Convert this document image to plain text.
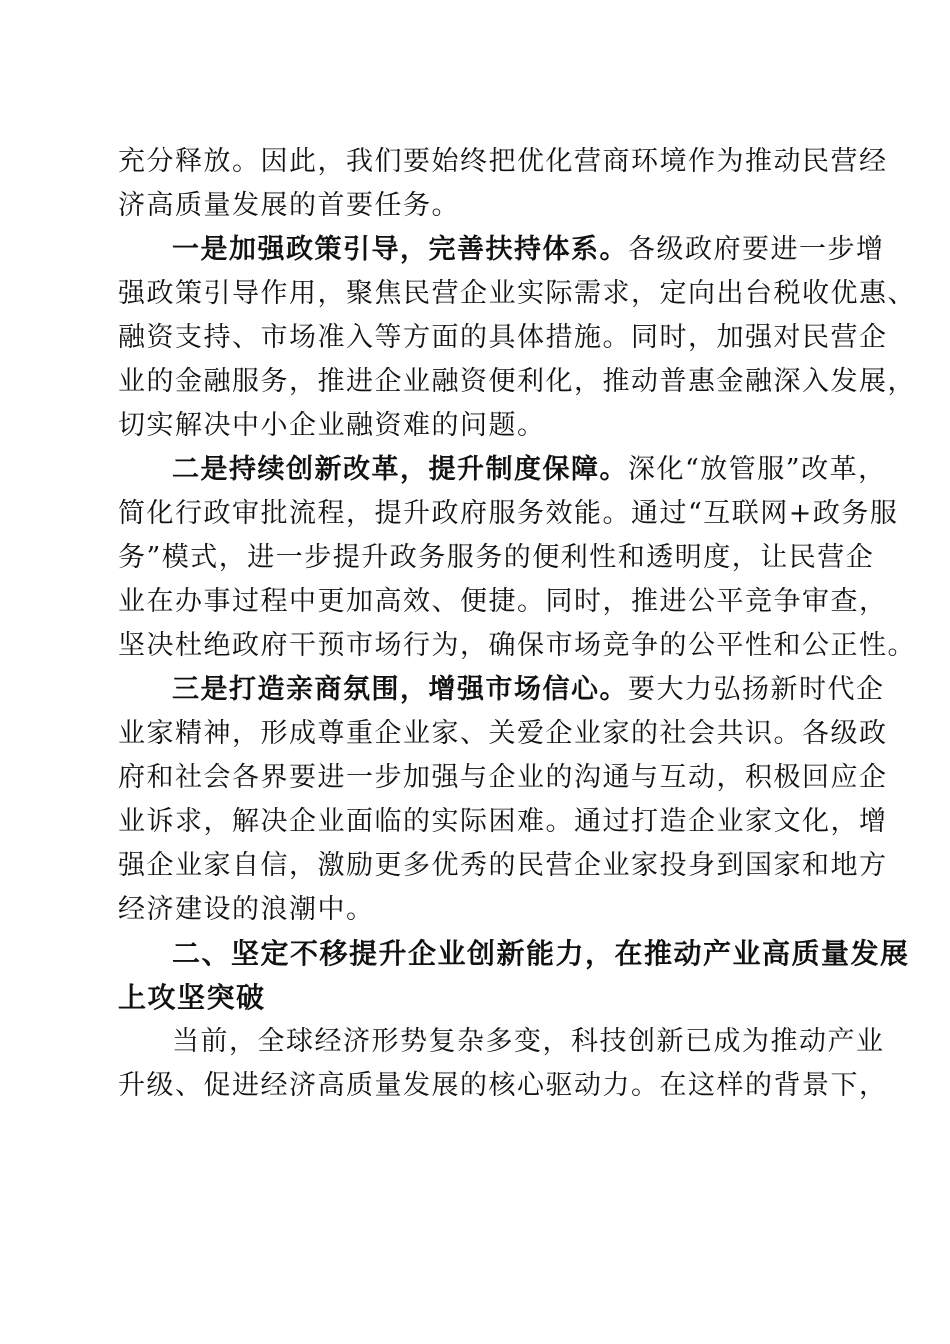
充分释放。因此，我们要始终把优化营商环境作为推动民营经
济高质量发展的首要任务。
一是加强政策引导，完善扶持体系。各级政府要进一步增
强政策引导作用，聚焦民营企业实际需求，定向出台税收优惠、
融资支持、市场准入等方面的具体措施。同时，加强对民营企
业的金融服务，推进企业融资便利化，推动普惠金融深入发展，
切实解决中小企业融资难的问题。
二是持续创新改革，提升制度保障。深化“放管服”改革，
简化行政审批流程，提升政府服务效能。通过“互联网+政务服
务”模式，进一步提升政务服务的便利性和透明度，让民营企
业在办事过程中更加高效、便捷。同时，推进公平竞争审查，
坚决杜绝政府干预市场行为，确保市场竞争的公平性和公正性。
三是打造亲商氛围，增强市场信心。要大力弘扬新时代企
业家精神，形成尊重企业家、关爱企业家的社会共识。各级政
府和社会各界要进一步加强与企业的沟通与互动，积极回应企
业诉求，解决企业面临的实际困难。通过打造企业家文化，增
强企业家自信，激励更多优秀的民营企业家投身到国家和地方
经济建设的浪潮中。
二、坚定不移提升企业创新能力，在推动产业高质量发展
上攻坚突破
当前，全球经济形势复杂多变，科技创新已成为推动产业
升级、促进经济高质量发展的核心驱动力。在这样的背景下，
